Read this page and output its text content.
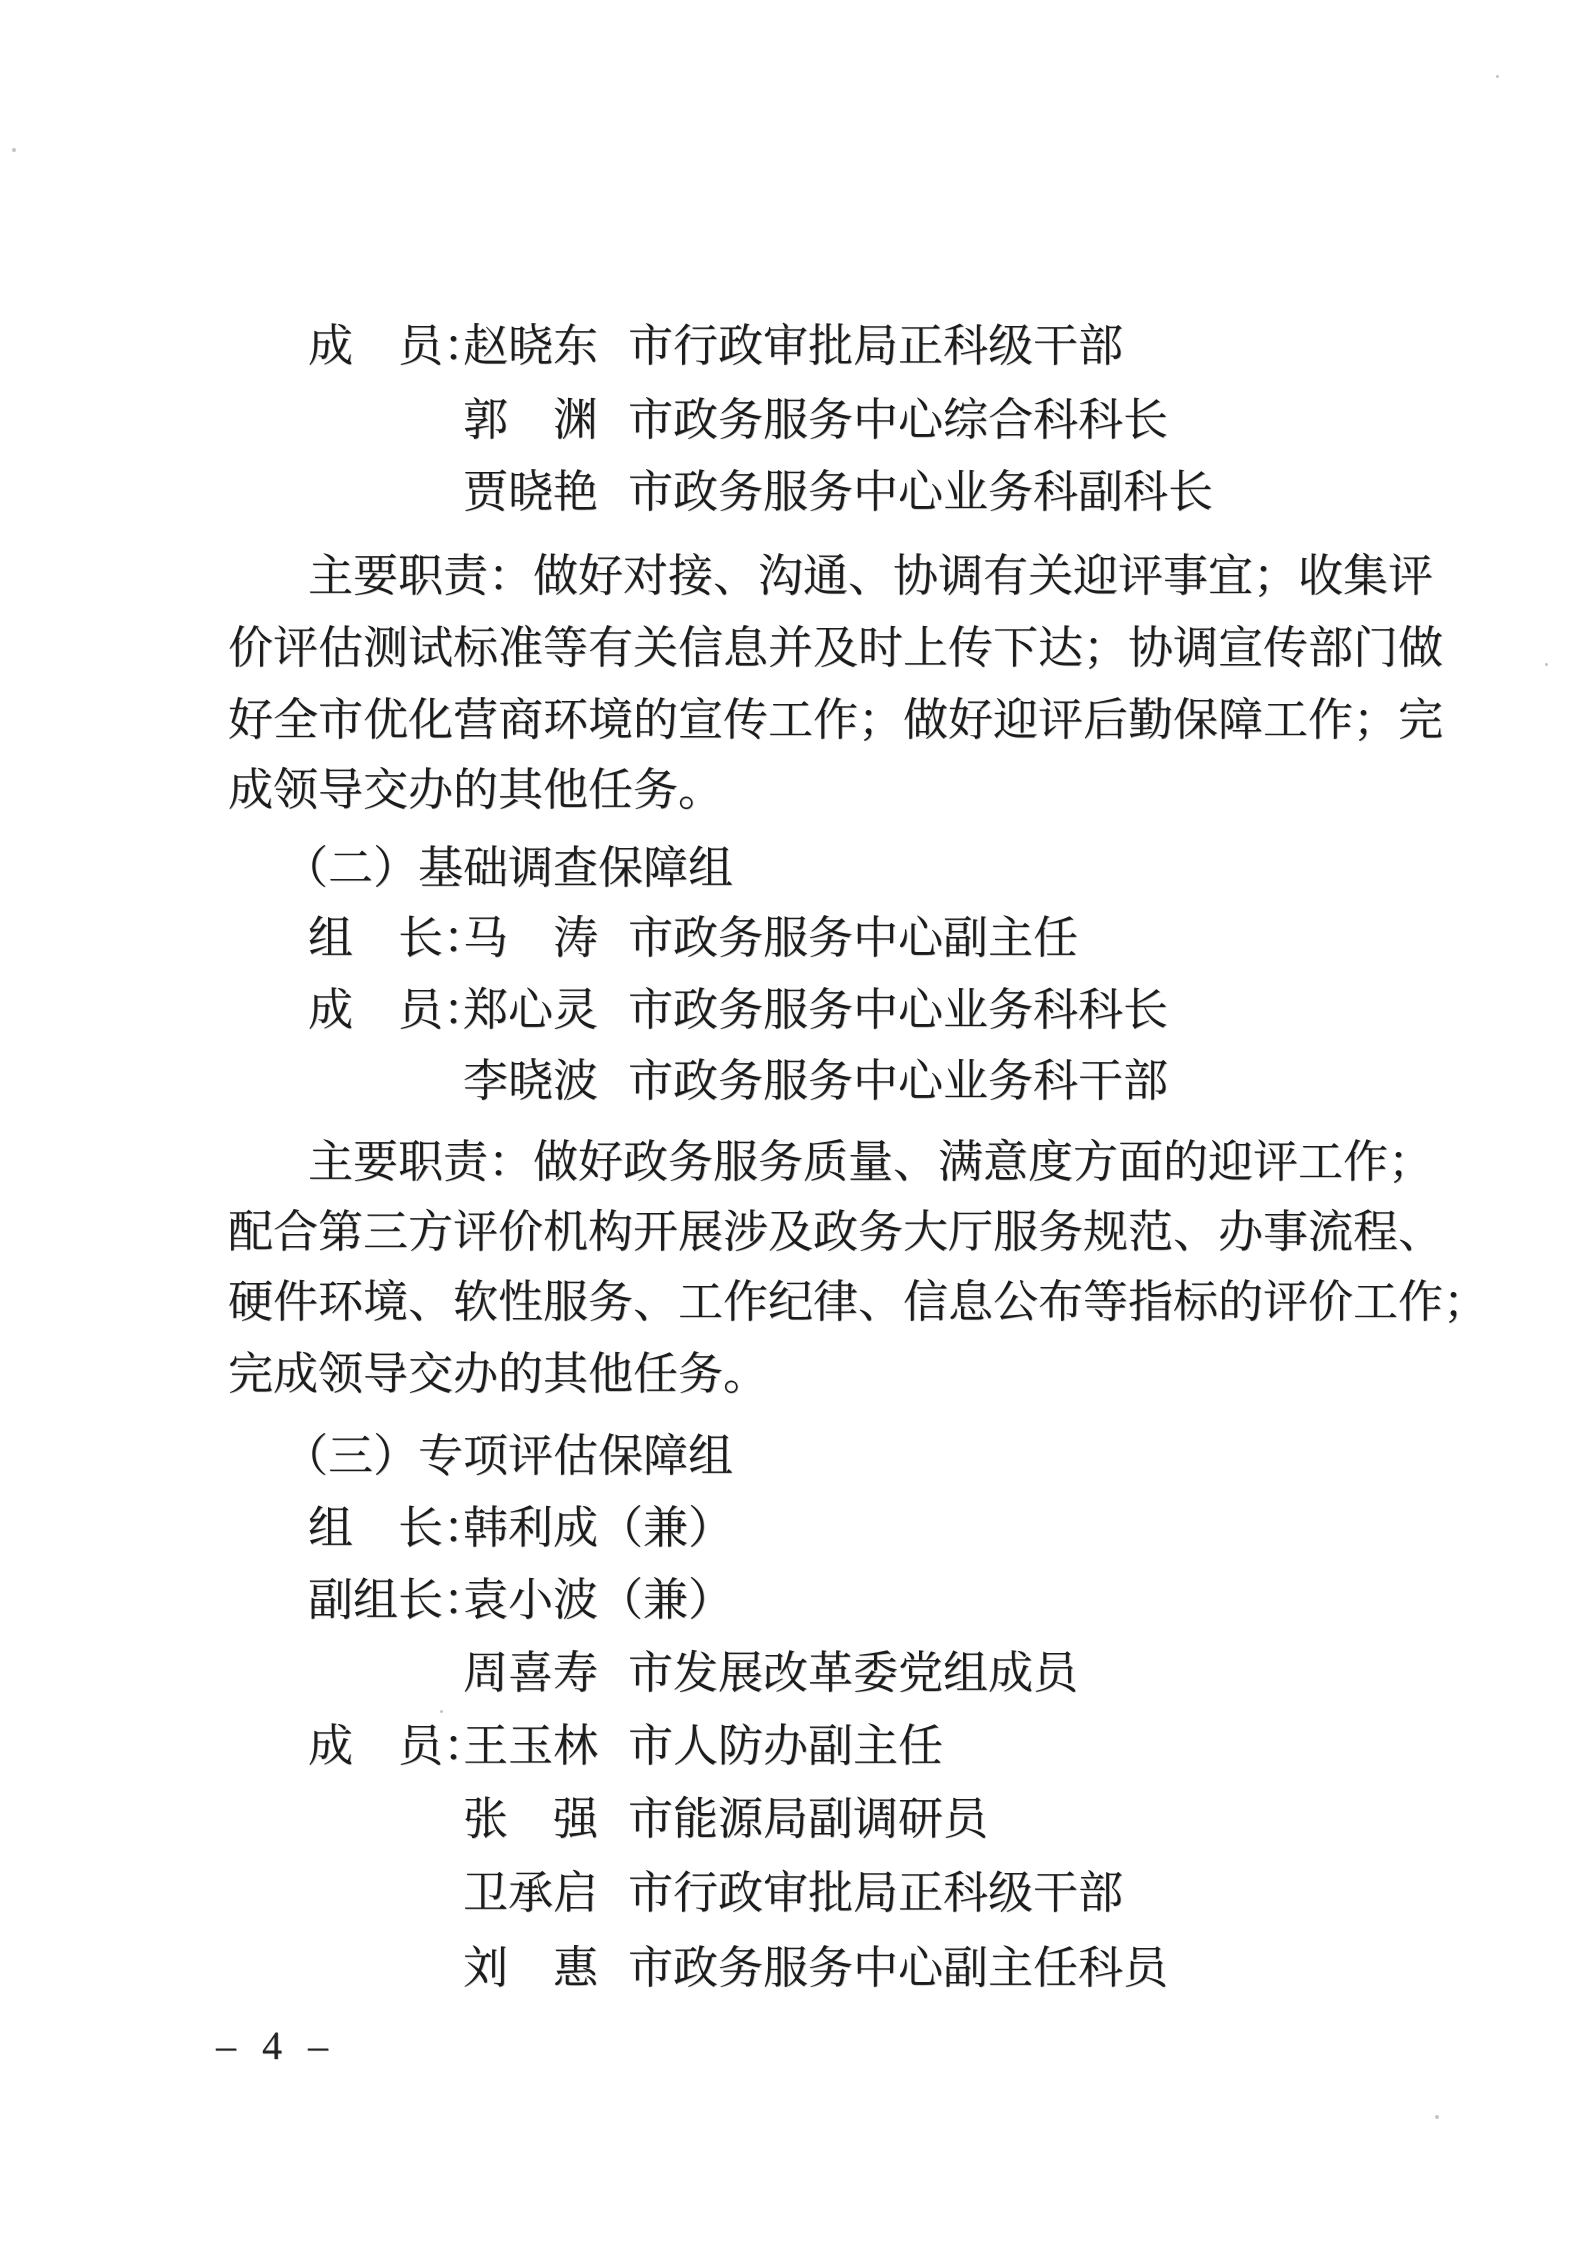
成　员：
赵晓东 市行政审批局正科级干部
郭　渊 市政务服务中心综合科科长
贾晓艳 市政务服务中心业务科副科长
主要职责：做好对接、沟通、协调有关迎评事宜；收集评
价评估测试标准等有关信息并及时上传下达；协调宣传部门做
好全市优化营商环境的宣传工作；做好迎评后勤保障工作；完
成领导交办的其他任务。
（二）基础调查保障组
组　长：
马　涛 市政务服务中心副主任
成　员：
郑心灵 市政务服务中心业务科科长
李晓波 市政务服务中心业务科干部
主要职责：做好政务服务质量、满意度方面的迎评工作；
配合第三方评价机构开展涉及政务大厅服务规范、办事流程、
硬件环境、软性服务、工作纪律、信息公布等指标的评价工作；
完成领导交办的其他任务。
（三）专项评估保障组
组　长：
韩利成（兼）
副组长：
袁小波（兼）
周喜寿 市发展改革委党组成员
成　员：
王玉林 市人防办副主任
张　强 市能源局副调研员
卫承启 市行政审批局正科级干部
刘　惠 市政务服务中心副主任科员
– 4 –
